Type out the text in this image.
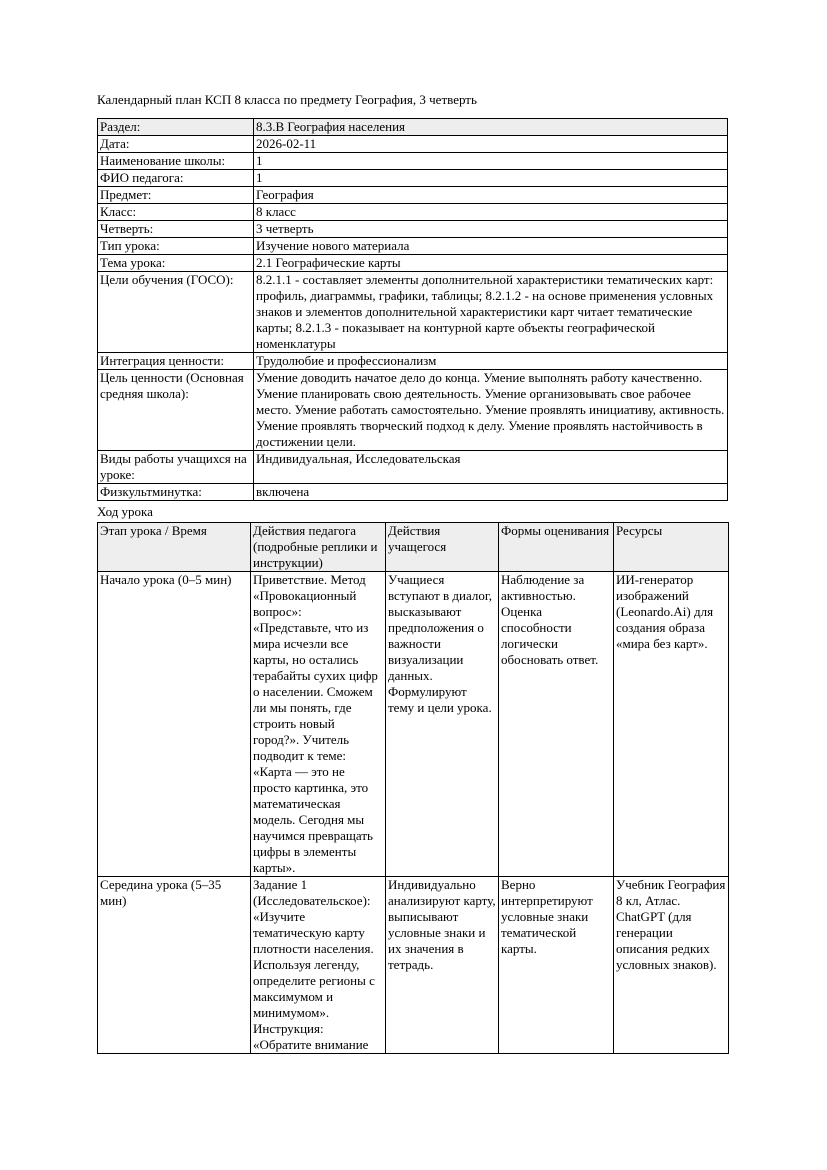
Календарный план КСП 8 класса по предмету География, 3 четверть

Раздел:	8.3.В География населения
Дата:	2026-02-11
Наименование школы:	1
ФИО педагога:	1
Предмет:	География
Класс:	8 класс
Четверть:	3 четверть
Тип урока:	Изучение нового материала
Тема урока:	2.1 Географические карты
Цели обучения (ГОСО):	8.2.1.1 - составляет элементы дополнительной характеристики тематических карт: профиль, диаграммы, графики, таблицы; 8.2.1.2 - на основе применения условных знаков и элементов дополнительной характеристики карт читает тематические карты; 8.2.1.3 - показывает на контурной карте объекты географической номенклатуры
Интеграция ценности:	Трудолюбие и профессионализм
Цель ценности (Основная средняя школа):	Умение доводить начатое дело до конца. Умение выполнять работу качественно. Умение планировать свою деятельность. Умение организовывать свое рабочее место. Умение работать самостоятельно. Умение проявлять инициативу, активность. Умение проявлять творческий подход к делу. Умение проявлять настойчивость в достижении цели.
Виды работы учащихся на уроке:	Индивидуальная, Исследовательская
Физкультминутка:	включена

Ход урока

Этап урока / Время	Действия педагога (подробные реплики и инструкции)	Действия учащегося	Формы оценивания	Ресурсы
Начало урока (0–5 мин)	Приветствие. Метод «Провокационный вопрос»: «Представьте, что из мира исчезли все карты, но остались терабайты сухих цифр о населении. Сможем ли мы понять, где строить новый город?». Учитель подводит к теме: «Карта — это не просто картинка, это математическая модель. Сегодня мы научимся превращать цифры в элементы карты».	Учащиеся вступают в диалог, высказывают предположения о важности визуализации данных. Формулируют тему и цели урока.	Наблюдение за активностью. Оценка способности логически обосновать ответ.	ИИ-генератор изображений (Leonardo.Ai) для создания образа «мира без карт».
Середина урока (5–35 мин)	Задание 1 (Исследовательское): «Изучите тематическую карту плотности населения. Используя легенду, определите регионы с максимумом и минимумом». Инструкция: «Обратите внимание	Индивидуально анализируют карту, выписывают условные знаки и их значения в тетрадь.	Верно интерпретируют условные знаки тематической карты.	Учебник География 8 кл, Атлас. ChatGPT (для генерации описания редких условных знаков).
